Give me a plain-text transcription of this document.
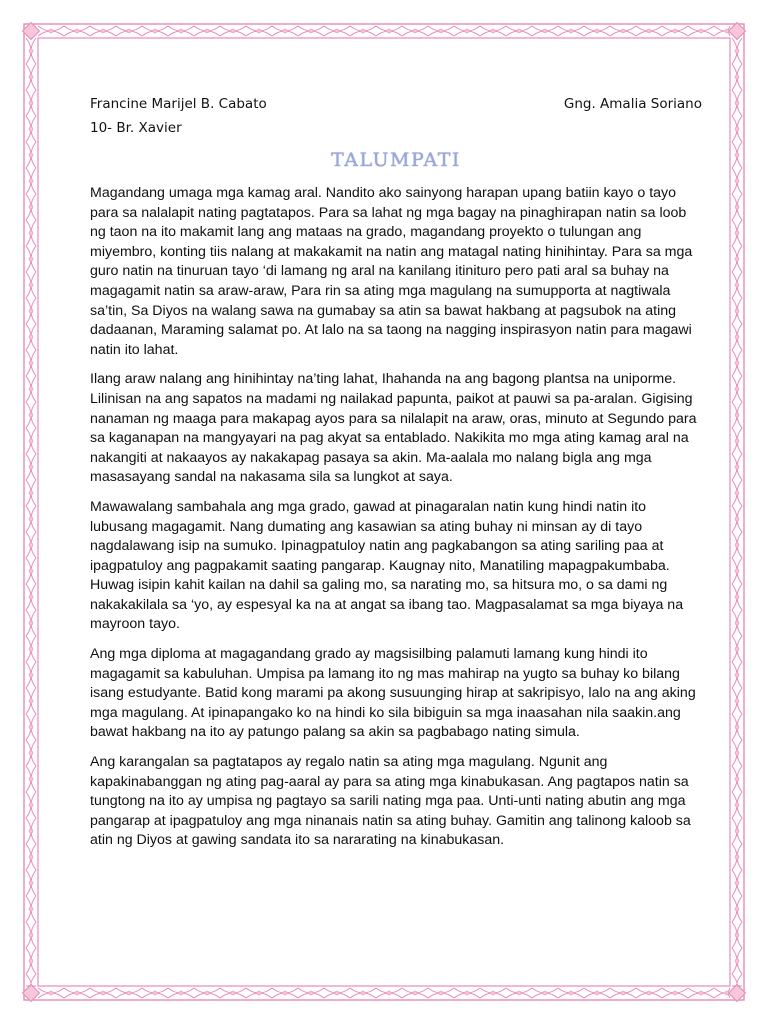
Francine Marijel B. Cabato	Gng. Amalia Soriano
10- Br. Xavier
TALUMPATI

Magandang umaga mga kamag aral. Nandito ako sainyong harapan upang batiin kayo o tayo para sa nalalapit nating pagtatapos. Para sa lahat ng mga bagay na pinaghirapan natin sa loob ng taon na ito makamit lang ang mataas na grado, magandang proyekto o tulungan ang miyembro, konting tiis nalang at makakamit na natin ang matagal nating hinihintay. Para sa mga guro natin na tinuruan tayo ‘di lamang ng aral na kanilang itinituro pero pati aral sa buhay na magagamit natin sa araw-araw, Para rin sa ating mga magulang na sumupporta at nagtiwala sa’tin, Sa Diyos na walang sawa na gumabay sa atin sa bawat hakbang at pagsubok na ating dadaanan, Maraming salamat po. At lalo na sa taong na nagging inspirasyon natin para magawi natin ito lahat.

Ilang araw nalang ang hinihintay na’ting lahat, Ihahanda na ang bagong plantsa na uniporme. Lilinisan na ang sapatos na madami ng nailakad papunta, paikot at pauwi sa pa-aralan. Gigising nanaman ng maaga para makapag ayos para sa nilalapit na araw, oras, minuto at Segundo para sa kaganapan na mangyayari na pag akyat sa entablado. Nakikita mo mga ating kamag aral na nakangiti at nakaayos ay nakakapag pasaya sa akin. Ma-aalala mo nalang bigla ang mga masasayang sandal na nakasama sila sa lungkot at saya.

Mawawalang sambahala ang mga grado, gawad at pinagaralan natin kung hindi natin ito lubusang magagamit. Nang dumating ang kasawian sa ating buhay ni minsan ay di tayo nagdalawang isip na sumuko. Ipinagpatuloy natin ang pagkabangon sa ating sariling paa at ipagpatuloy ang pagpakamit saating pangarap. Kaugnay nito, Manatiling mapagpakumbaba. Huwag isipin kahit kailan na dahil sa galing mo, sa narating mo, sa hitsura mo, o sa dami ng nakakakilala sa ‘yo, ay espesyal ka na at angat sa ibang tao. Magpasalamat sa mga biyaya na mayroon tayo.

Ang mga diploma at magagandang grado ay magsisilbing palamuti lamang kung hindi ito magagamit sa kabuluhan. Umpisa pa lamang ito ng mas mahirap na yugto sa buhay ko bilang isang estudyante. Batid kong marami pa akong susuunging hirap at sakripisyo, lalo na ang aking mga magulang. At ipinapangako ko na hindi ko sila bibiguin sa mga inaasahan nila saakin.ang bawat hakbang na ito ay patungo palang sa akin sa pagbabago nating simula.

Ang karangalan sa pagtatapos ay regalo natin sa ating mga magulang. Ngunit ang kapakinabanggan ng ating pag-aaral ay para sa ating mga kinabukasan. Ang pagtapos natin sa tungtong na ito ay umpisa ng pagtayo sa sarili nating mga paa. Unti-unti nating abutin ang mga pangarap at ipagpatuloy ang mga ninanais natin sa ating buhay. Gamitin ang talinong kaloob sa atin ng Diyos at gawing sandata ito sa nararating na kinabukasan.
